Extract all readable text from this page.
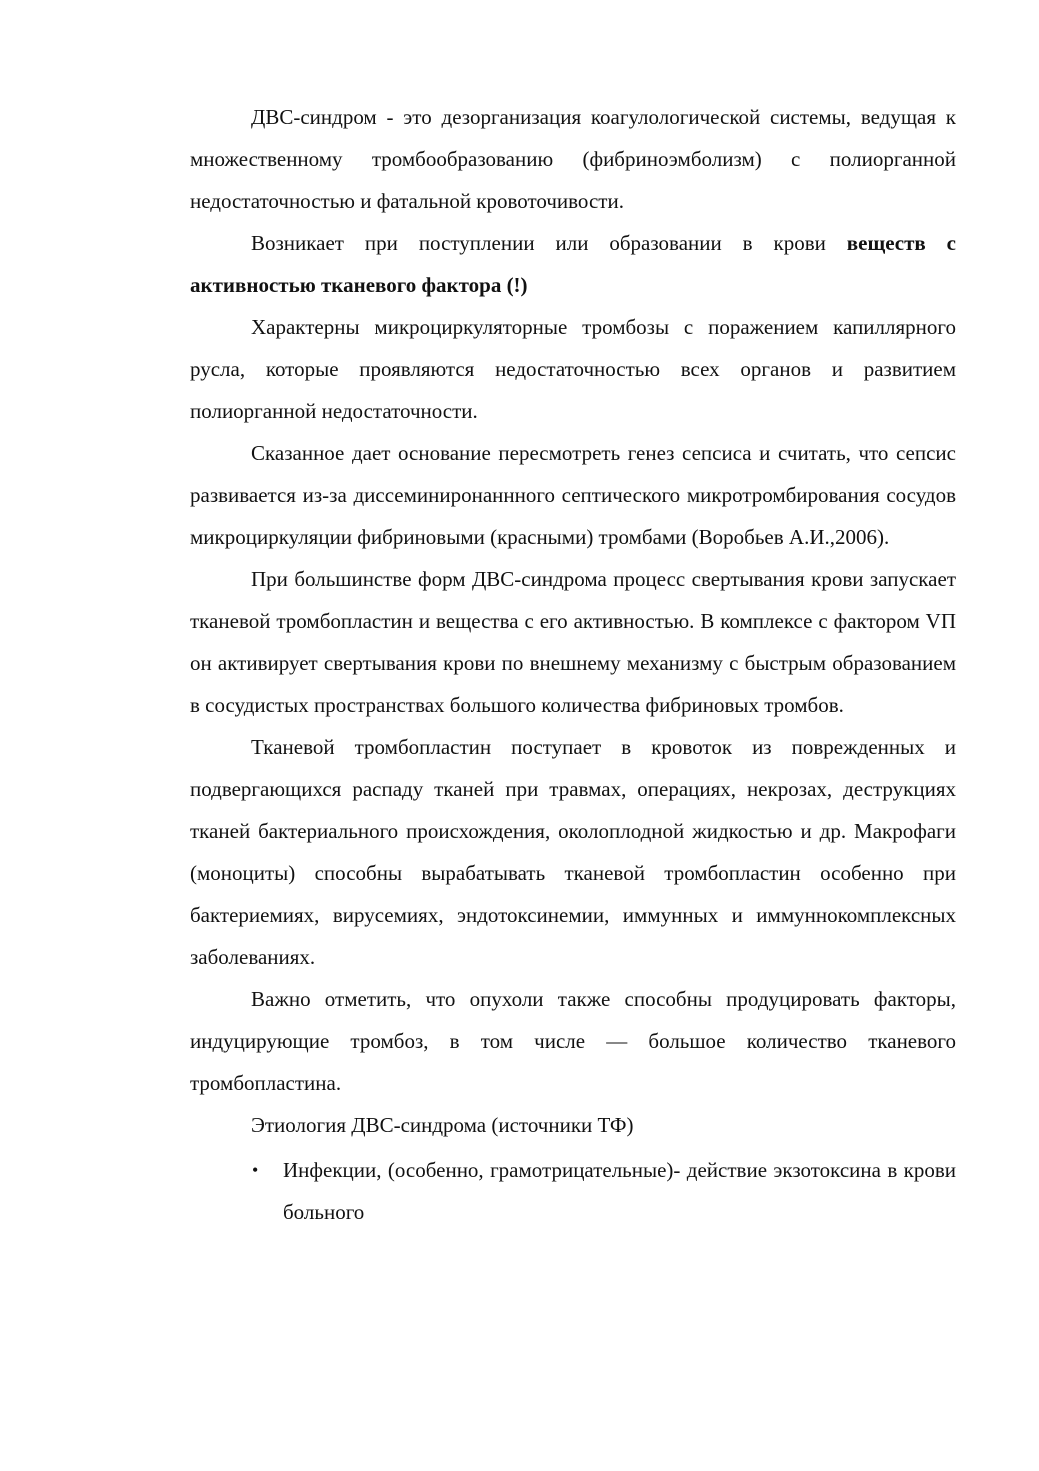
ДВС-синдром - это дезорганизация коагулологической системы, ведущая к множественному тромбообразованию (фибриноэмболизм) с полиорганной недостаточностью и фатальной кровоточивости.

Возникает при поступлении или образовании в крови веществ с активностью тканевого фактора (!)

Характерны микроциркуляторные тромбозы с поражением капиллярного русла, которые проявляются недостаточностью всех органов и развитием полиорганной недостаточности.

Сказанное дает основание пересмотреть генез сепсиса и считать, что сепсис развивается из-за диссеминиронаннного септического микротромбирования сосудов микроциркуляции фибриновыми (красными) тромбами (Воробьев А.И.,2006).

При большинстве форм ДВС-синдрома процесс свертывания крови запускает тканевой тромбопластин и вещества с его активностью. В комплексе с фактором VП он активирует свертывания крови по внешнему механизму с быстрым образованием в сосудистых пространствах большого количества фибриновых тромбов.

Тканевой тромбопластин поступает в кровоток из поврежденных и подвергающихся распаду тканей при травмах, операциях, некрозах, деструкциях тканей бактериального происхождения, околоплодной жидкостью и др. Макрофаги (моноциты) способны вырабатывать тканевой тромбопластин особенно при бактериемиях, вирусемиях, эндотоксинемии, иммунных и иммуннокомплексных заболеваниях.

Важно отметить, что опухоли также способны продуцировать факторы, индуцирующие тромбоз, в том числе — большое количество тканевого тромбопластина.

Этиология ДВС-синдрома (источники ТФ)

• Инфекции, (особенно, грамотрицательные)- действие экзотоксина в крови больного
